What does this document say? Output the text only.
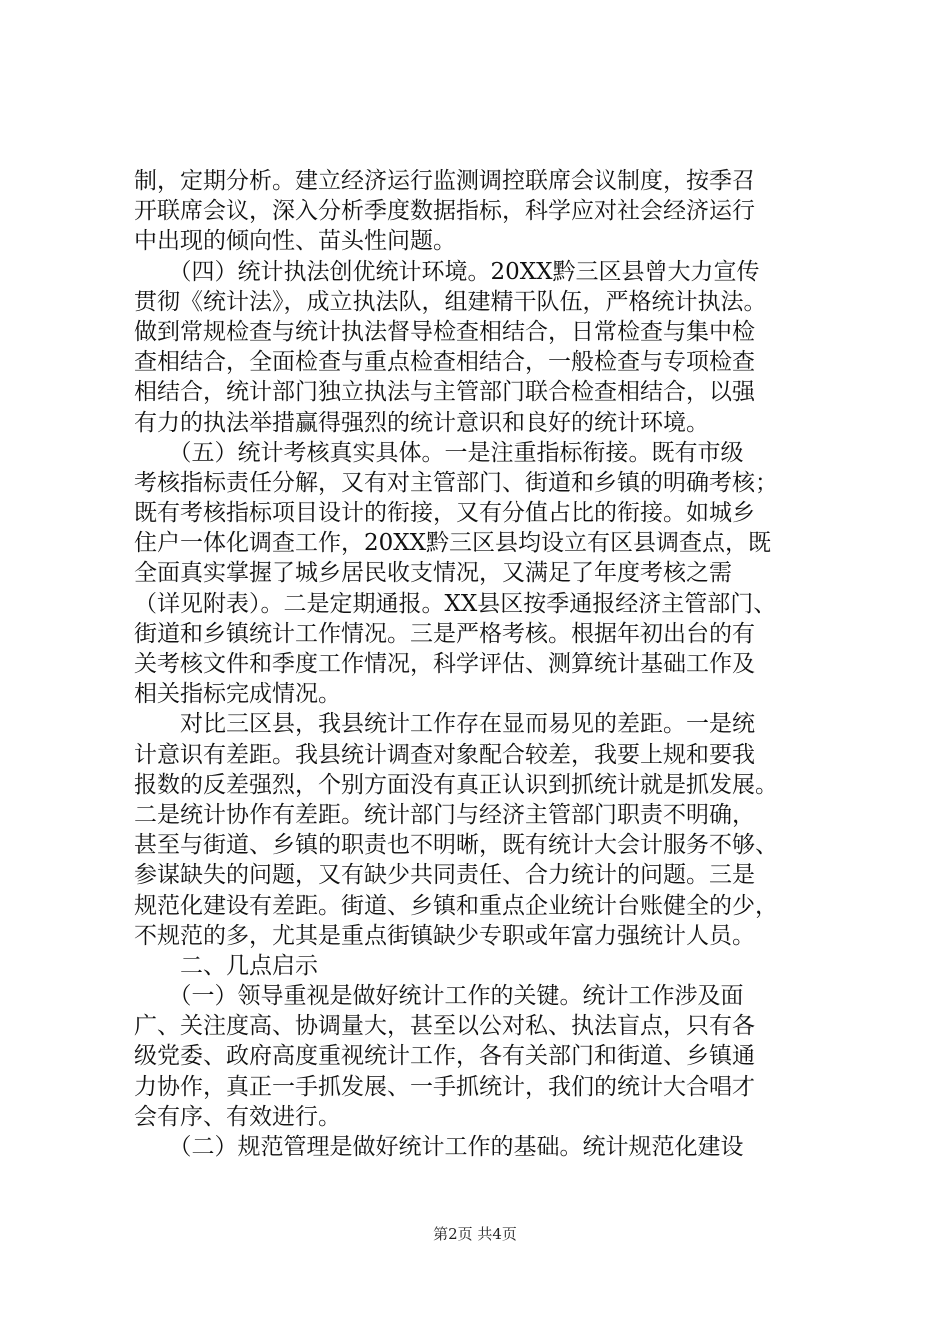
制，定期分析。建立经济运行监测调控联席会议制度，按季召
开联席会议，深入分析季度数据指标，科学应对社会经济运行
中出现的倾向性、苗头性问题。
　　（四）统计执法创优统计环境。20XX黔三区县曾大力宣传
贯彻《统计法》，成立执法队，组建精干队伍，严格统计执法。
做到常规检查与统计执法督导检查相结合，日常检查与集中检
查相结合，全面检查与重点检查相结合，一般检查与专项检查
相结合，统计部门独立执法与主管部门联合检查相结合，以强
有力的执法举措赢得强烈的统计意识和良好的统计环境。
　　（五）统计考核真实具体。一是注重指标衔接。既有市级
考核指标责任分解，又有对主管部门、街道和乡镇的明确考核；
既有考核指标项目设计的衔接，又有分值占比的衔接。如城乡
住户一体化调查工作，20XX黔三区县均设立有区县调查点，既
全面真实掌握了城乡居民收支情况，又满足了年度考核之需
（详见附表）。二是定期通报。XX县区按季通报经济主管部门、
街道和乡镇统计工作情况。三是严格考核。根据年初出台的有
关考核文件和季度工作情况，科学评估、测算统计基础工作及
相关指标完成情况。
　　对比三区县，我县统计工作存在显而易见的差距。一是统
计意识有差距。我县统计调查对象配合较差，我要上规和要我
报数的反差强烈，个别方面没有真正认识到抓统计就是抓发展。
二是统计协作有差距。统计部门与经济主管部门职责不明确，
甚至与街道、乡镇的职责也不明晰，既有统计大会计服务不够、
参谋缺失的问题，又有缺少共同责任、合力统计的问题。三是
规范化建设有差距。街道、乡镇和重点企业统计台账健全的少，
不规范的多，尤其是重点街镇缺少专职或年富力强统计人员。
　　二、几点启示
　　（一）领导重视是做好统计工作的关键。统计工作涉及面
广、关注度高、协调量大，甚至以公对私、执法盲点，只有各
级党委、政府高度重视统计工作，各有关部门和街道、乡镇通
力协作，真正一手抓发展、一手抓统计，我们的统计大合唱才
会有序、有效进行。
　　（二）规范管理是做好统计工作的基础。统计规范化建设
第2页 共4页
